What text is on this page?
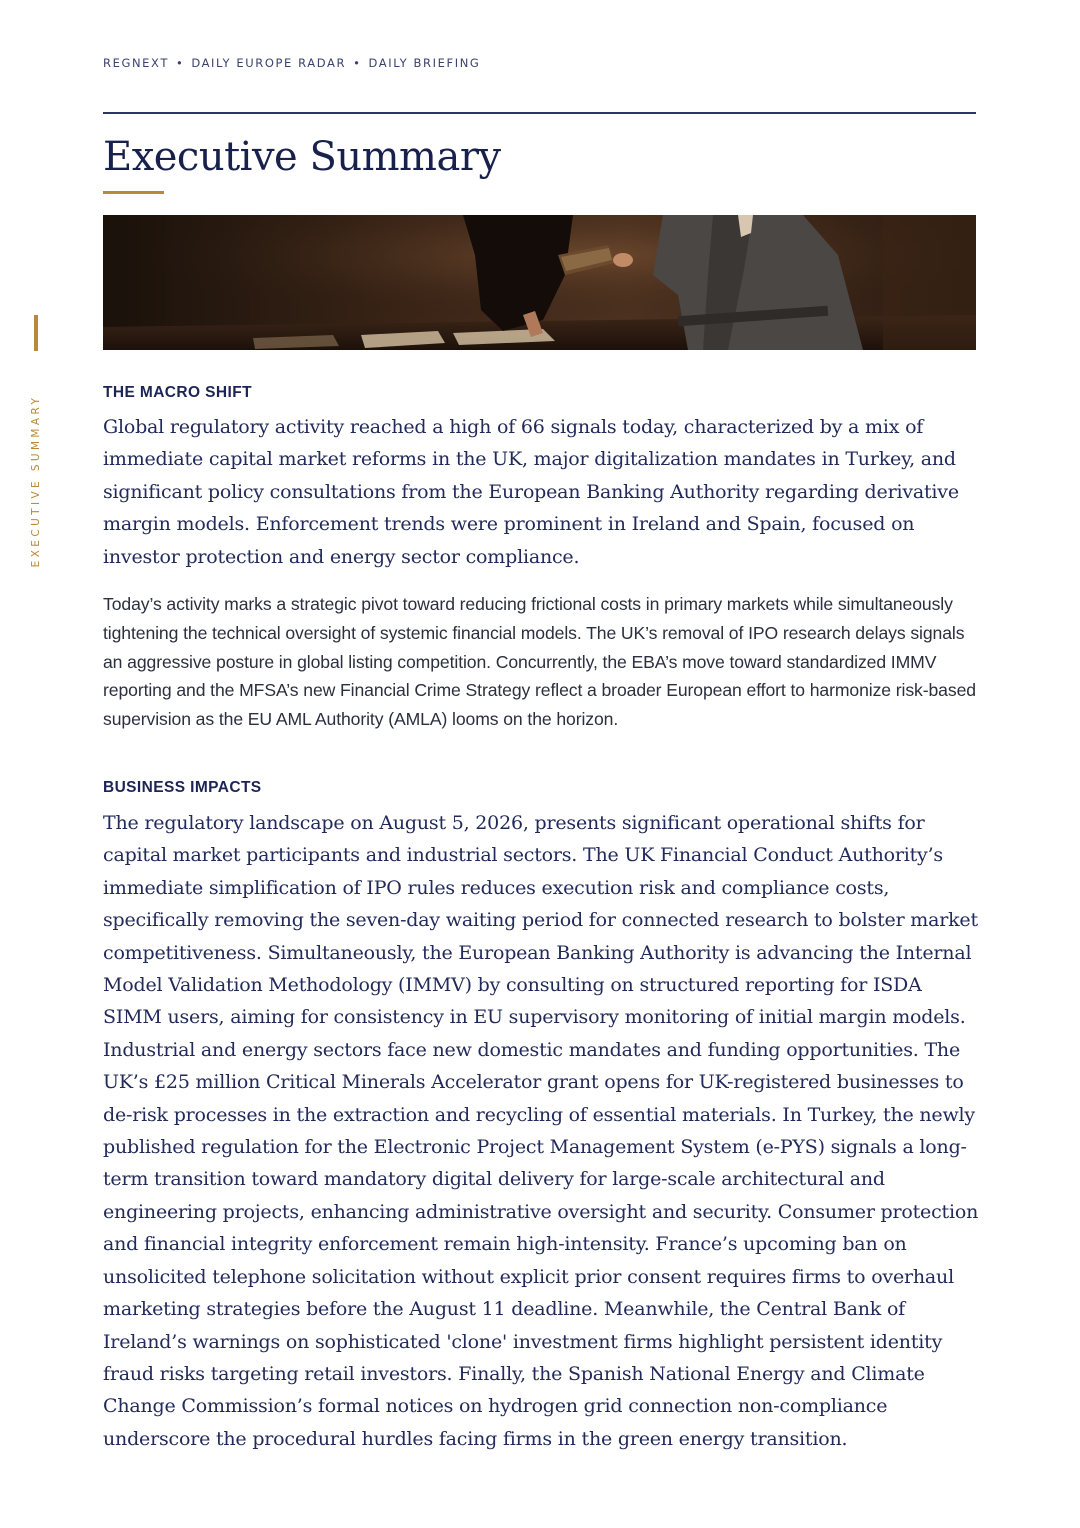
REGNEXT • DAILY EUROPE RADAR • DAILY BRIEFING
Executive Summary
EXECUTIVE SUMMARY
THE MACRO SHIFT

Global regulatory activity reached a high of 66 signals today, characterized by a mix of immediate capital market reforms in the UK, major digitalization mandates in Turkey, and significant policy consultations from the European Banking Authority regarding derivative margin models. Enforcement trends were prominent in Ireland and Spain, focused on investor protection and energy sector compliance.

Today’s activity marks a strategic pivot toward reducing frictional costs in primary markets while simultaneously tightening the technical oversight of systemic financial models. The UK’s removal of IPO research delays signals an aggressive posture in global listing competition. Concurrently, the EBA’s move toward standardized IMMV reporting and the MFSA’s new Financial Crime Strategy reflect a broader European effort to harmonize risk-based supervision as the EU AML Authority (AMLA) looms on the horizon.

BUSINESS IMPACTS

The regulatory landscape on August 5, 2026, presents significant operational shifts for capital market participants and industrial sectors. The UK Financial Conduct Authority’s immediate simplification of IPO rules reduces execution risk and compliance costs, specifically removing the seven-day waiting period for connected research to bolster market competitiveness. Simultaneously, the European Banking Authority is advancing the Internal Model Validation Methodology (IMMV) by consulting on structured reporting for ISDA SIMM users, aiming for consistency in EU supervisory monitoring of initial margin models. Industrial and energy sectors face new domestic mandates and funding opportunities. The UK’s £25 million Critical Minerals Accelerator grant opens for UK-registered businesses to de-risk processes in the extraction and recycling of essential materials. In Turkey, the newly published regulation for the Electronic Project Management System (e-PYS) signals a long-term transition toward mandatory digital delivery for large-scale architectural and engineering projects, enhancing administrative oversight and security. Consumer protection and financial integrity enforcement remain high-intensity. France’s upcoming ban on unsolicited telephone solicitation without explicit prior consent requires firms to overhaul marketing strategies before the August 11 deadline. Meanwhile, the Central Bank of Ireland’s warnings on sophisticated 'clone' investment firms highlight persistent identity fraud risks targeting retail investors. Finally, the Spanish National Energy and Climate Change Commission’s formal notices on hydrogen grid connection non-compliance underscore the procedural hurdles facing firms in the green energy transition.
